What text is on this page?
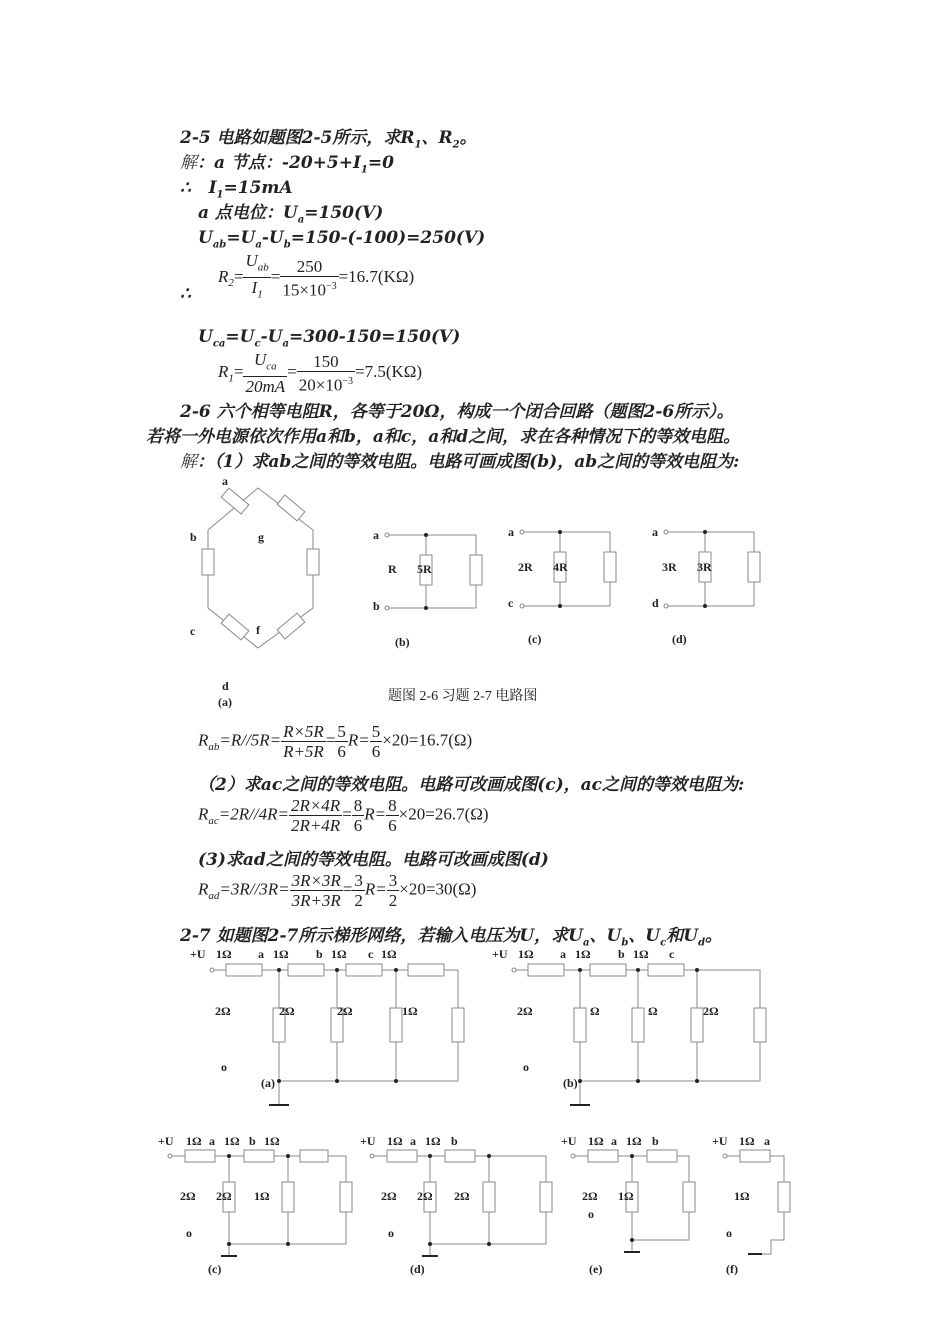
2-5 电路如题图2-5所示，求$R_1$、$R_2$。
解：a 节点：$-20+5+I_1=0$
∴ $I_1=15mA$
a 点电位：$U_a=150(V)$
$U_{ab}=U_a-U_b=150-(-100)=250(V)$
$R_2= \frac{U_{ab}}{I_1} = \frac{250}{15\times 10^{-3}} =16.7(K\Omega)$
∴
$U_{ca}=U_c-U_a=300-150=150(V)$
$R_1= \frac{U_{ca}}{20mA} = \frac{150}{20\times 10^{-3}} =7.5(K\Omega)$
2-6 六个相等电阻R，各等于20Ω，构成一个闭合回路（题图2-6所示）。
若将一外电源依次作用a和b，a和c，a和d之间，求在各种情况下的等效电阻。
解：（1）求ab之间的等效电阻。电路可画成图(b)，ab之间的等效电阻为:
$R_{ab}=R//5R= \frac{R\times 5R}{R+5R} = \frac{5}{6} R= \frac{5}{6} \times 20=16.7(\Omega)$
（2）求ac之间的等效电阻。电路可改画成图(c)，ac之间的等效电阻为:
$R_{ac}=2R//4R= \frac{2R\times 4R}{2R+4R} = \frac{8}{6} R= \frac{8}{6} \times 20=26.7(\Omega)$
(3)求ad之间的等效电阻。电路可改画成图(d)
$R_{ad}=3R//3R= \frac{3R\times 3R}{3R+3R} = \frac{3}{2} R= \frac{3}{2} \times 20=30(\Omega)$
2-7 如题图2-7所示梯形网络，若输入电压为U，求$U_a$、$U_b$、$U_c$和$U_d$。
a
b	g
c	f
d
(a)
a
b
R 5R
(b)
a
c
2R 4R
(c)
a
d
3R 3R
(d)
题图 2-6 习题 2-7 电路图
+U 1Ω a 1Ω b 1Ω c 1Ω
2Ω	2Ω	2Ω	1Ω
o
(a)
+U 1Ω a 1Ω b 1Ω c
2Ω	Ω	Ω	2Ω
o
(b)
+U 1Ω a 1Ω b 1Ω
2Ω 2Ω 1Ω
o
(c)
+U 1Ω a 1Ω b
2Ω 2Ω 2Ω
o
(d)
+U 1Ω a 1Ω b
2Ω 1Ω
o
(e)
+U 1Ω a
1Ω
o
(f)
